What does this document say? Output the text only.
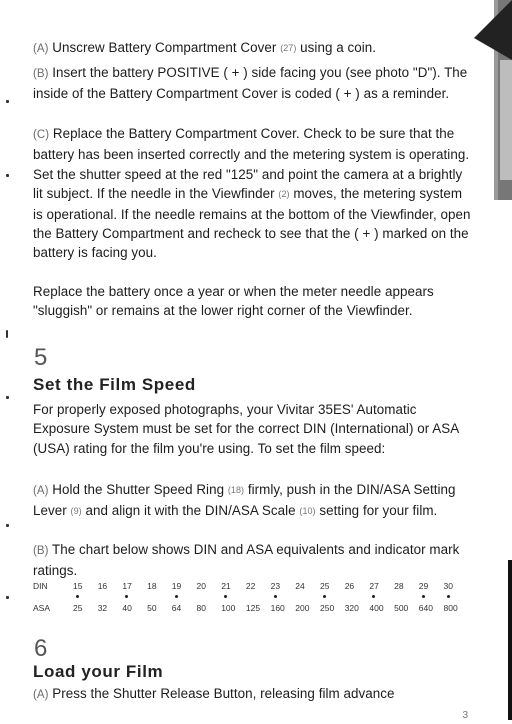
(A) Unscrew Battery Compartment Cover (27) using a coin.

(B) Insert the battery POSITIVE ( + ) side facing you (see photo "D"). The inside of the Battery Compartment Cover is coded ( + ) as a reminder.

(C) Replace the Battery Compartment Cover. Check to be sure that the battery has been inserted correctly and the metering system is operating. Set the shutter speed at the red "125" and point the camera at a brightly lit subject. If the needle in the Viewfinder (2) moves, the metering system is operational. If the needle remains at the bottom of the Viewfinder, open the Battery Compartment and recheck to see that the ( + ) marked on the battery is facing you.

Replace the battery once a year or when the meter needle appears "sluggish" or remains at the lower right corner of the Viewfinder.

5
Set the Film Speed

For properly exposed photographs, your Vivitar 35ES' Automatic Exposure System must be set for the correct DIN (International) or ASA (USA) rating for the film you're using. To set the film speed:

(A) Hold the Shutter Speed Ring (18) firmly, push in the DIN/ASA Setting Lever (9) and align it with the DIN/ASA Scale (10) setting for your film.

(B) The chart below shows DIN and ASA equivalents and indicator mark ratings.

DIN	15 16 17 18 19 20 21 22 23 24 25 26 27 28 29 30
ASA	25 32 40 50 64 80 100 125 160 200 250 320 400 500 640 800
6
Load your Film

(A) Press the Shutter Release Button, releasing film advance

3
